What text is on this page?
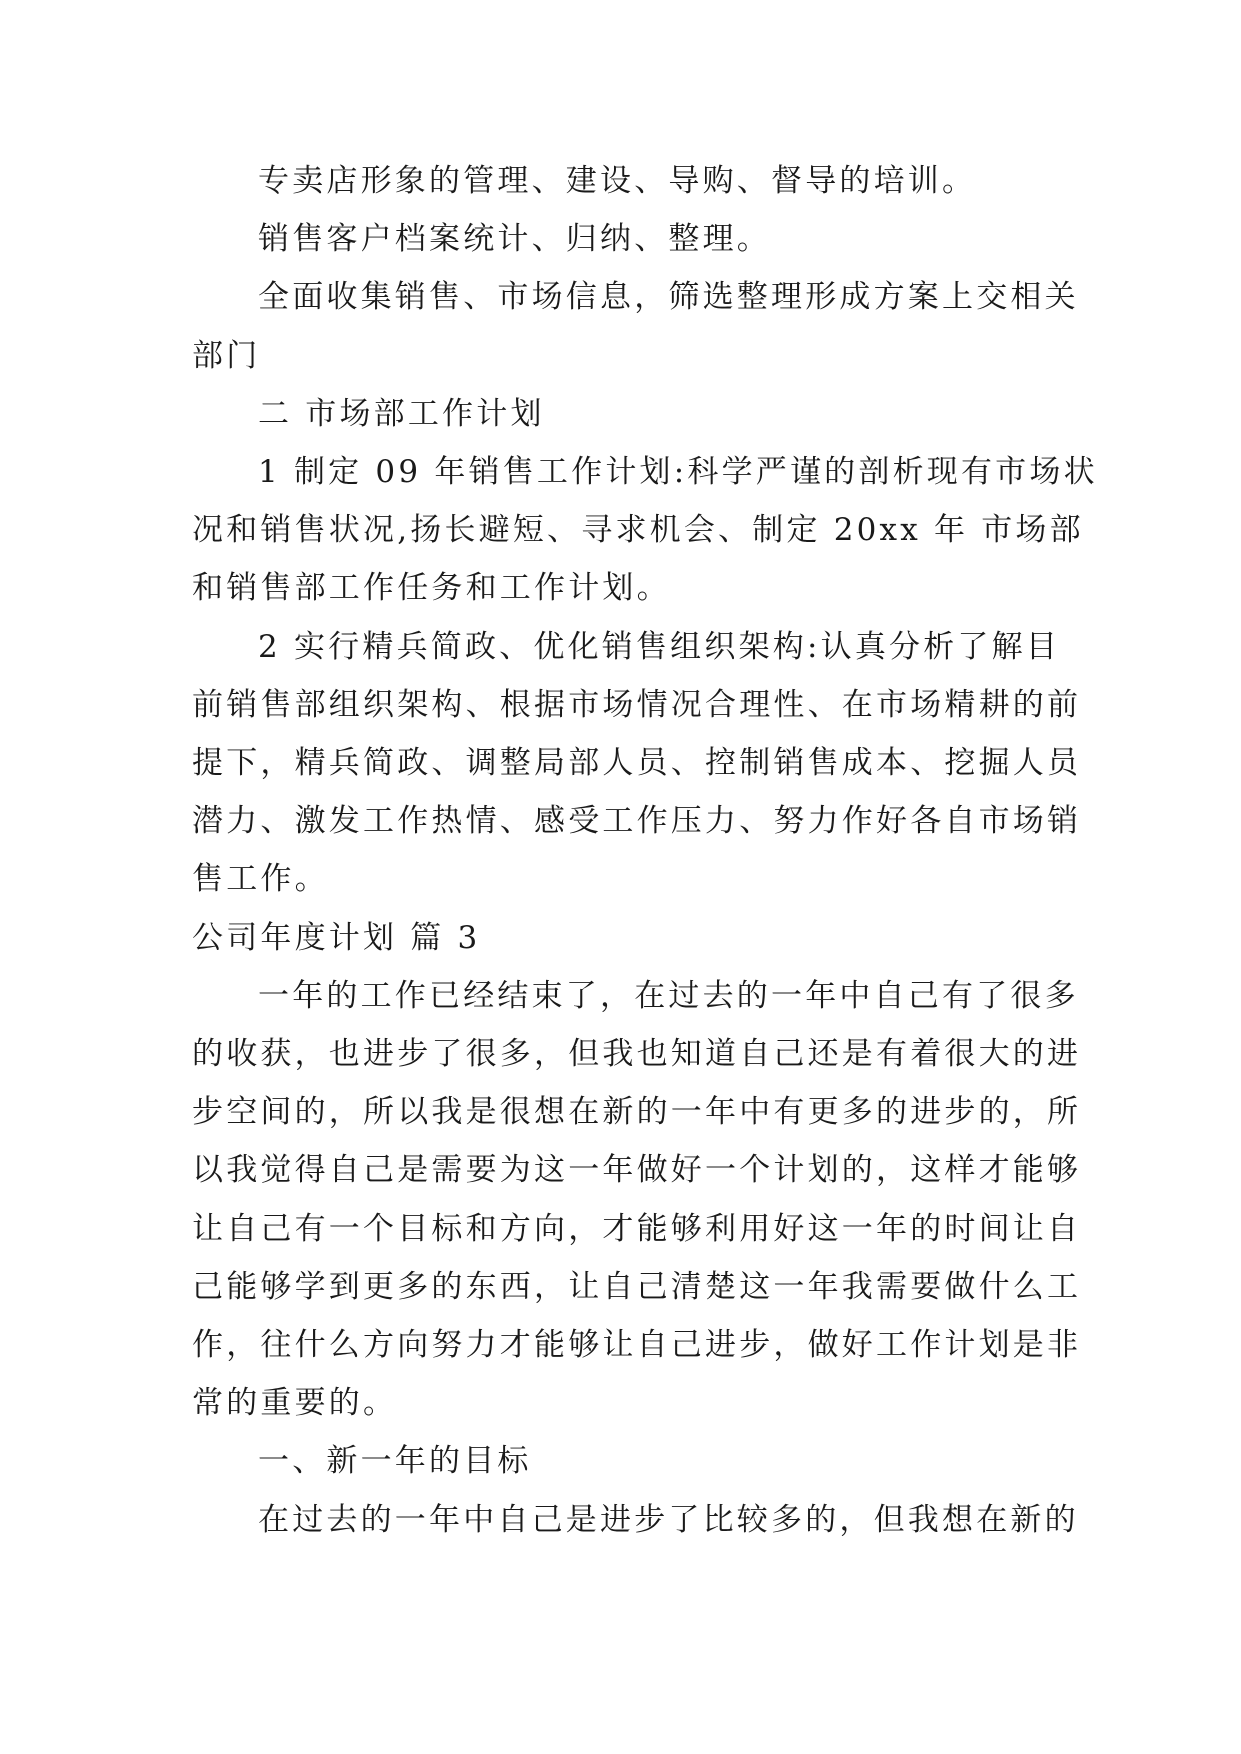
专卖店形象的管理、建设、导购、督导的培训。
销售客户档案统计、归纳、整理。
全面收集销售、市场信息，筛选整理形成方案上交相关
部门
二 市场部工作计划
1 制定 09 年销售工作计划:科学严谨的剖析现有市场状
况和销售状况,扬长避短、寻求机会、制定 20xx 年 市场部
和销售部工作任务和工作计划。
2 实行精兵简政、优化销售组织架构:认真分析了解目
前销售部组织架构、根据市场情况合理性、在市场精耕的前
提下，精兵简政、调整局部人员、控制销售成本、挖掘人员
潜力、激发工作热情、感受工作压力、努力作好各自市场销
售工作。
公司年度计划 篇 3
一年的工作已经结束了，在过去的一年中自己有了很多
的收获，也进步了很多，但我也知道自己还是有着很大的进
步空间的，所以我是很想在新的一年中有更多的进步的，所
以我觉得自己是需要为这一年做好一个计划的，这样才能够
让自己有一个目标和方向，才能够利用好这一年的时间让自
己能够学到更多的东西，让自己清楚这一年我需要做什么工
作，往什么方向努力才能够让自己进步，做好工作计划是非
常的重要的。
一、新一年的目标
在过去的一年中自己是进步了比较多的，但我想在新的
